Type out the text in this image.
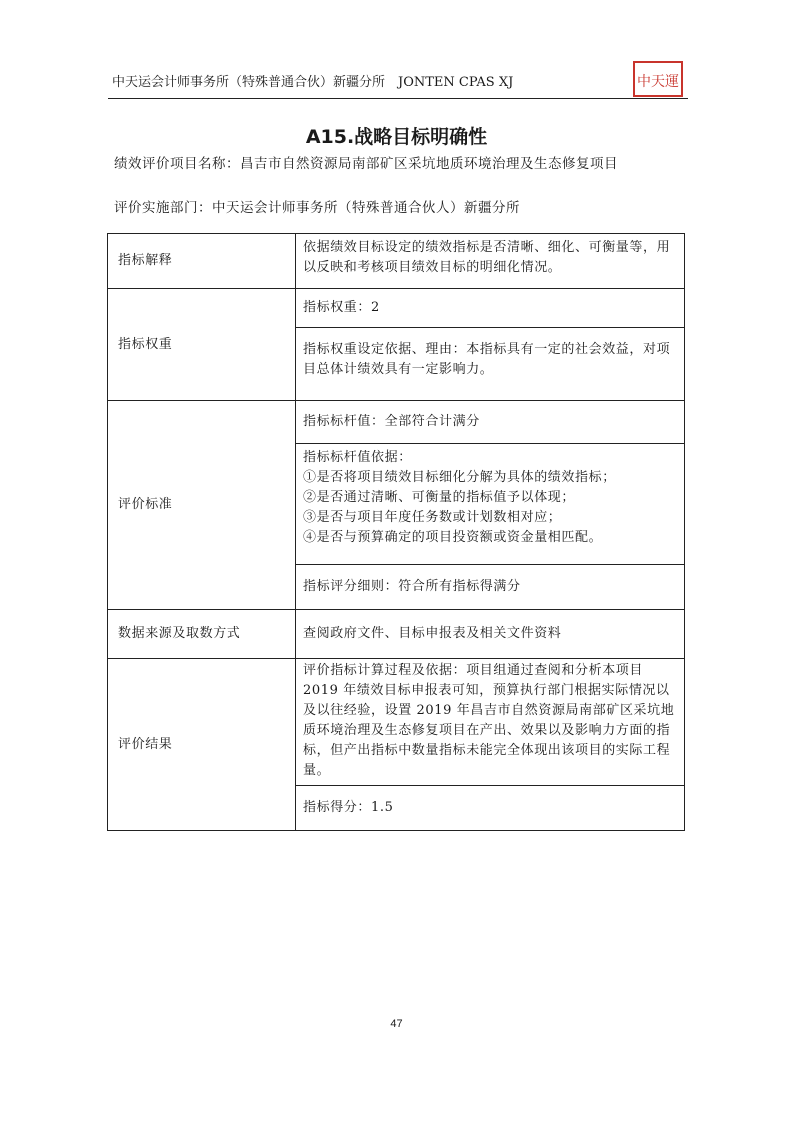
中天运会计师事务所（特殊普通合伙）新疆分所　JONTEN CPAS XJ	中天運
A15.战略目标明确性
绩效评价项目名称：昌吉市自然资源局南部矿区采坑地质环境治理及生态修复项目
评价实施部门：中天运会计师事务所（特殊普通合伙人）新疆分所
指标解释	依据绩效目标设定的绩效指标是否清晰、细化、可衡量等，用以反映和考核项目绩效目标的明细化情况。
指标权重	指标权重：2
	指标权重设定依据、理由：本指标具有一定的社会效益，对项目总体计绩效具有一定影响力。
评价标准	指标标杆值：全部符合计满分

	指标标杆值依据：
①是否将项目绩效目标细化分解为具体的绩效指标；
②是否通过清晰、可衡量的指标值予以体现；
③是否与项目年度任务数或计划数相对应；
④是否与预算确定的项目投资额或资金量相匹配。

	指标评分细则：符合所有指标得满分
数据来源及取数方式	查阅政府文件、目标申报表及相关文件资料
评价结果	评价指标计算过程及依据：项目组通过查阅和分析本项目 2019 年绩效目标申报表可知，预算执行部门根据实际情况以及以往经验，设置 2019 年昌吉市自然资源局南部矿区采坑地质环境治理及生态修复项目在产出、效果以及影响力方面的指标，但产出指标中数量指标未能完全体现出该项目的实际工程量。
	指标得分：1.5
47
